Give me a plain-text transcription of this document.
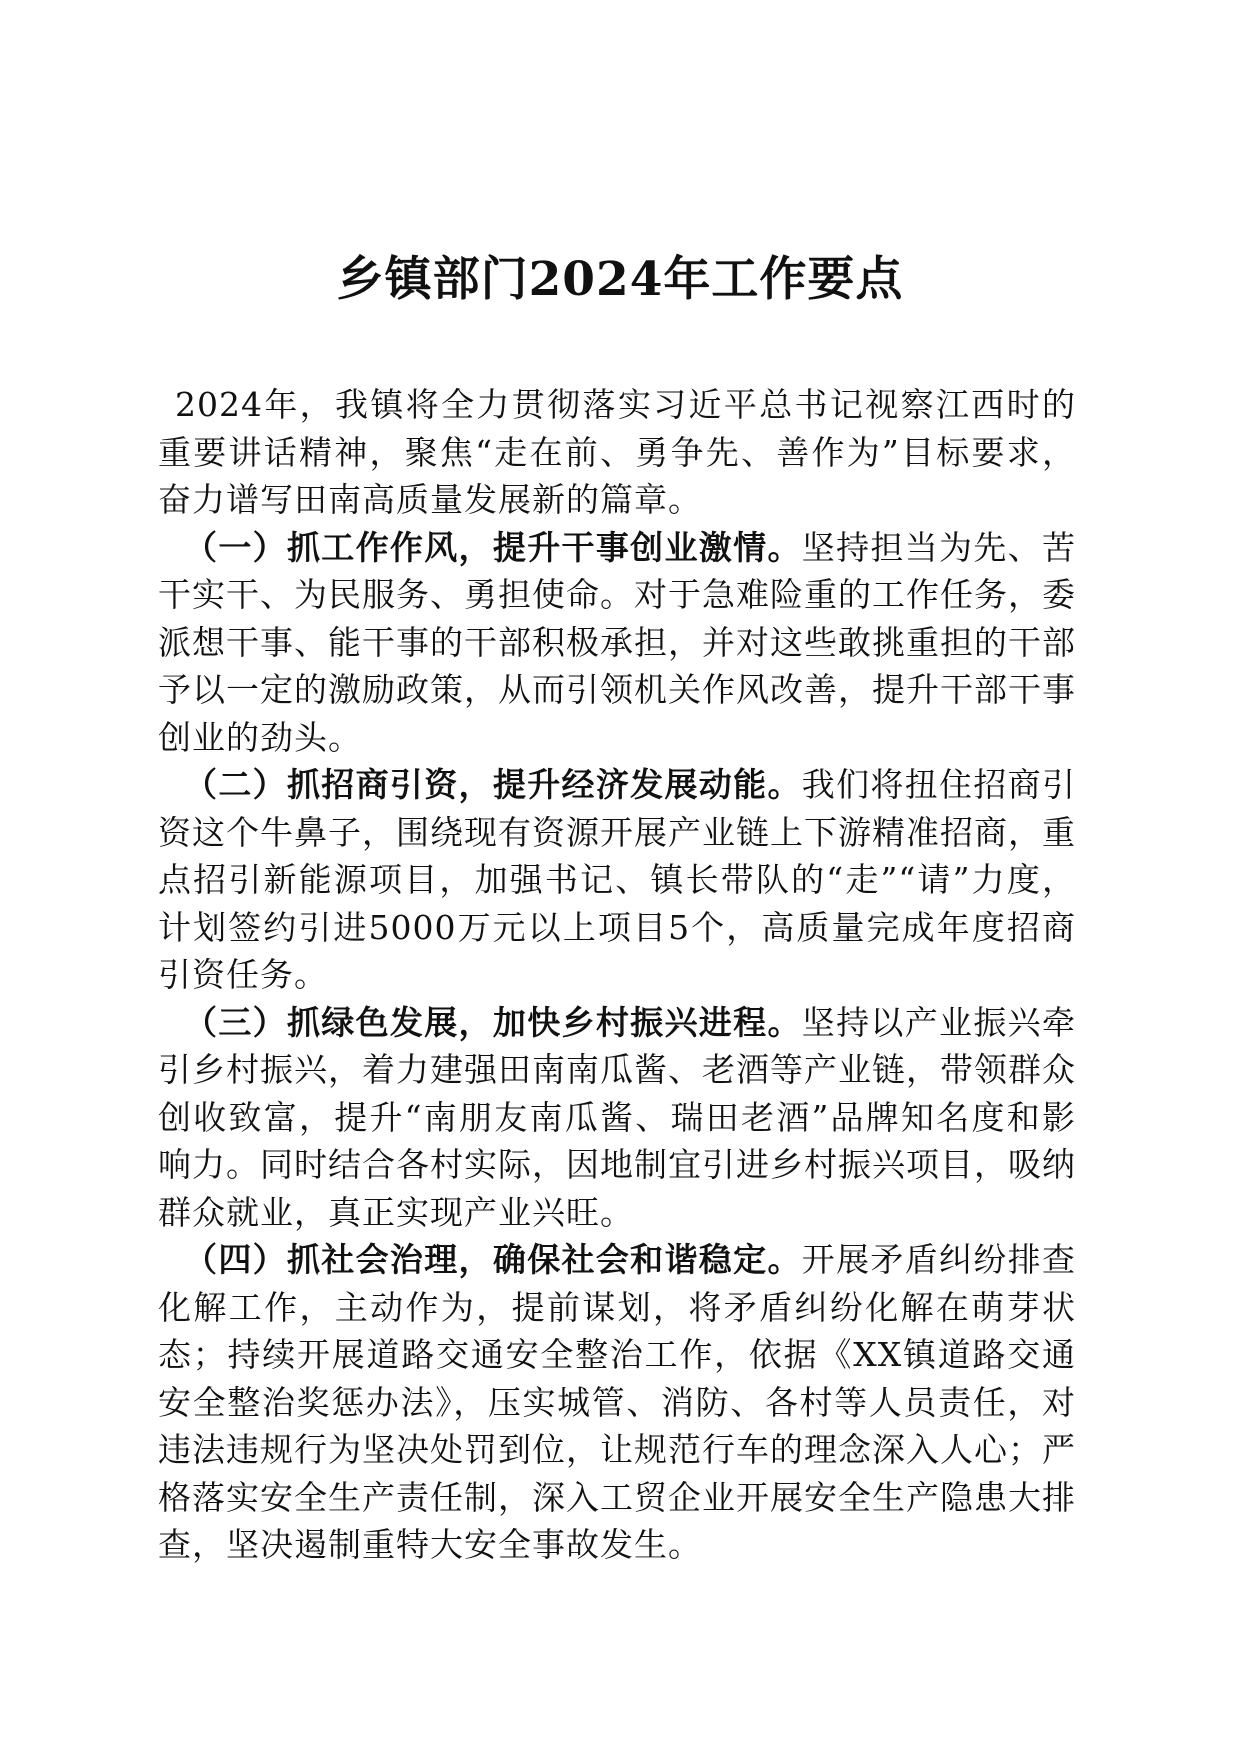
乡镇部门2024年工作要点

2024年，我镇将全力贯彻落实习近平总书记视察江西时的重要讲话精神，聚焦“走在前、勇争先、善作为”目标要求，奋力谱写田南高质量发展新的篇章。

（一）抓工作作风，提升干事创业激情。坚持担当为先、苦干实干、为民服务、勇担使命。对于急难险重的工作任务，委派想干事、能干事的干部积极承担，并对这些敢挑重担的干部予以一定的激励政策，从而引领机关作风改善，提升干部干事创业的劲头。

（二）抓招商引资，提升经济发展动能。我们将扭住招商引资这个牛鼻子，围绕现有资源开展产业链上下游精准招商，重点招引新能源项目，加强书记、镇长带队的“走”“请”力度，计划签约引进5000万元以上项目5个，高质量完成年度招商引资任务。

（三）抓绿色发展，加快乡村振兴进程。坚持以产业振兴牵引乡村振兴，着力建强田南南瓜酱、老酒等产业链，带领群众创收致富，提升“南朋友南瓜酱、瑞田老酒”品牌知名度和影响力。同时结合各村实际，因地制宜引进乡村振兴项目，吸纳群众就业，真正实现产业兴旺。

（四）抓社会治理，确保社会和谐稳定。开展矛盾纠纷排查化解工作，主动作为，提前谋划，将矛盾纠纷化解在萌芽状态；持续开展道路交通安全整治工作，依据《XX镇道路交通安全整治奖惩办法》，压实城管、消防、各村等人员责任，对违法违规行为坚决处罚到位，让规范行车的理念深入人心；严格落实安全生产责任制，深入工贸企业开展安全生产隐患大排查，坚决遏制重特大安全事故发生。
